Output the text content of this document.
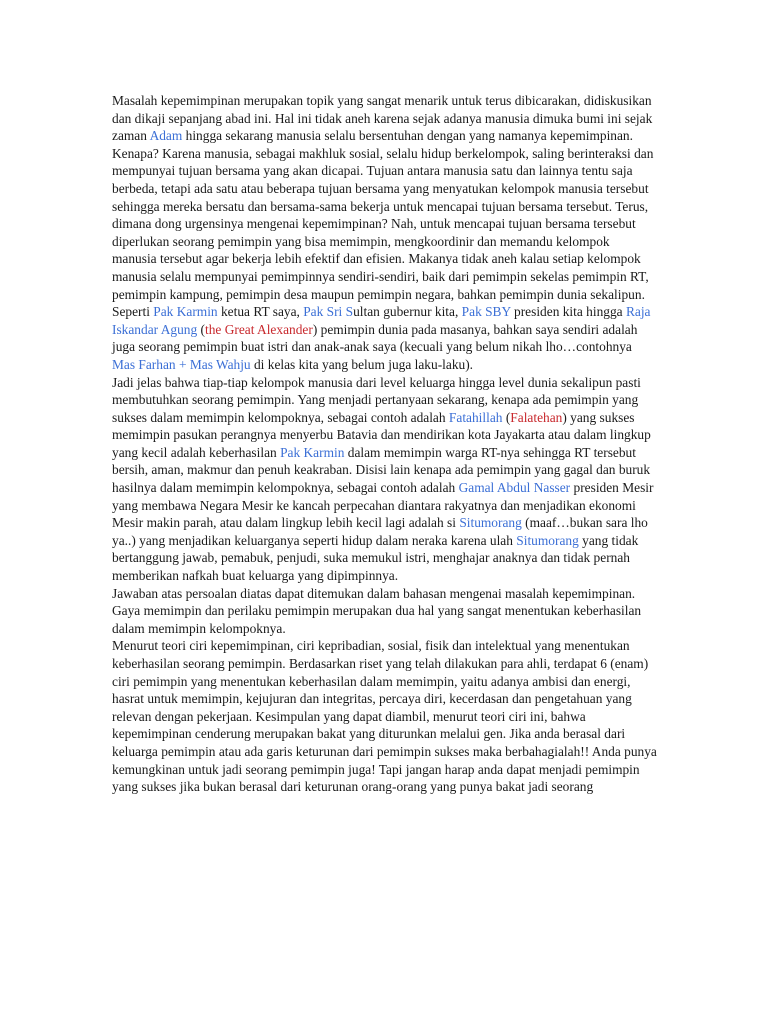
Masalah kepemimpinan merupakan topik yang sangat menarik untuk terus dibicarakan, didiskusikan dan dikaji sepanjang abad ini. Hal ini tidak aneh karena sejak adanya manusia dimuka bumi ini sejak zaman Adam hingga sekarang manusia selalu bersentuhan dengan yang namanya kepemimpinan. Kenapa? Karena manusia, sebagai makhluk sosial, selalu hidup berkelompok, saling berinteraksi dan mempunyai tujuan bersama yang akan dicapai. Tujuan antara manusia satu dan lainnya tentu saja berbeda, tetapi ada satu atau beberapa tujuan bersama yang menyatukan kelompok manusia tersebut sehingga mereka bersatu dan bersama-sama bekerja untuk mencapai tujuan bersama tersebut. Terus, dimana dong urgensinya mengenai kepemimpinan? Nah, untuk mencapai tujuan bersama tersebut diperlukan seorang pemimpin yang bisa memimpin, mengkoordinir dan memandu kelompok manusia tersebut agar bekerja lebih efektif dan efisien. Makanya tidak aneh kalau setiap kelompok manusia selalu mempunyai pemimpinnya sendiri-sendiri, baik dari pemimpin sekelas pemimpin RT, pemimpin kampung, pemimpin desa maupun pemimpin negara, bahkan pemimpin dunia sekalipun. Seperti Pak Karmin ketua RT saya, Pak Sri Sultan gubernur kita, Pak SBY presiden kita hingga Raja Iskandar Agung (the Great Alexander) pemimpin dunia pada masanya, bahkan saya sendiri adalah juga seorang pemimpin buat istri dan anak-anak saya (kecuali yang belum nikah lho…contohnya Mas Farhan + Mas Wahju di kelas kita yang belum juga laku-laku).

Jadi jelas bahwa tiap-tiap kelompok manusia dari level keluarga hingga level dunia sekalipun pasti membutuhkan seorang pemimpin. Yang menjadi pertanyaan sekarang, kenapa ada pemimpin yang sukses dalam memimpin kelompoknya, sebagai contoh adalah Fatahillah (Falatehan) yang sukses memimpin pasukan perangnya menyerbu Batavia dan mendirikan kota Jayakarta atau dalam lingkup yang kecil adalah keberhasilan Pak Karmin dalam memimpin warga RT-nya sehingga RT tersebut bersih, aman, makmur dan penuh keakraban. Disisi lain kenapa ada pemimpin yang gagal dan buruk hasilnya dalam memimpin kelompoknya, sebagai contoh adalah Gamal Abdul Nasser presiden Mesir yang membawa Negara Mesir ke kancah perpecahan diantara rakyatnya dan menjadikan ekonomi Mesir makin parah, atau dalam lingkup lebih kecil lagi adalah si Situmorang (maaf…bukan sara lho ya..) yang menjadikan keluarganya seperti hidup dalam neraka karena ulah Situmorang yang tidak bertanggung jawab, pemabuk, penjudi, suka memukul istri, menghajar anaknya dan tidak pernah memberikan nafkah buat keluarga yang dipimpinnya.

Jawaban atas persoalan diatas dapat ditemukan dalam bahasan mengenai masalah kepemimpinan. Gaya memimpin dan perilaku pemimpin merupakan dua hal yang sangat menentukan keberhasilan dalam memimpin kelompoknya.

Menurut teori ciri kepemimpinan, ciri kepribadian, sosial, fisik dan intelektual yang menentukan keberhasilan seorang pemimpin. Berdasarkan riset yang telah dilakukan para ahli, terdapat 6 (enam) ciri pemimpin yang menentukan keberhasilan dalam memimpin, yaitu adanya ambisi dan energi, hasrat untuk memimpin, kejujuran dan integritas, percaya diri, kecerdasan dan pengetahuan yang relevan dengan pekerjaan. Kesimpulan yang dapat diambil, menurut teori ciri ini, bahwa kepemimpinan cenderung merupakan bakat yang diturunkan melalui gen. Jika anda berasal dari keluarga pemimpin atau ada garis keturunan dari pemimpin sukses maka berbahagialah!! Anda punya kemungkinan untuk jadi seorang pemimpin juga! Tapi jangan harap anda dapat menjadi pemimpin yang sukses jika bukan berasal dari keturunan orang-orang yang punya bakat jadi seorang
